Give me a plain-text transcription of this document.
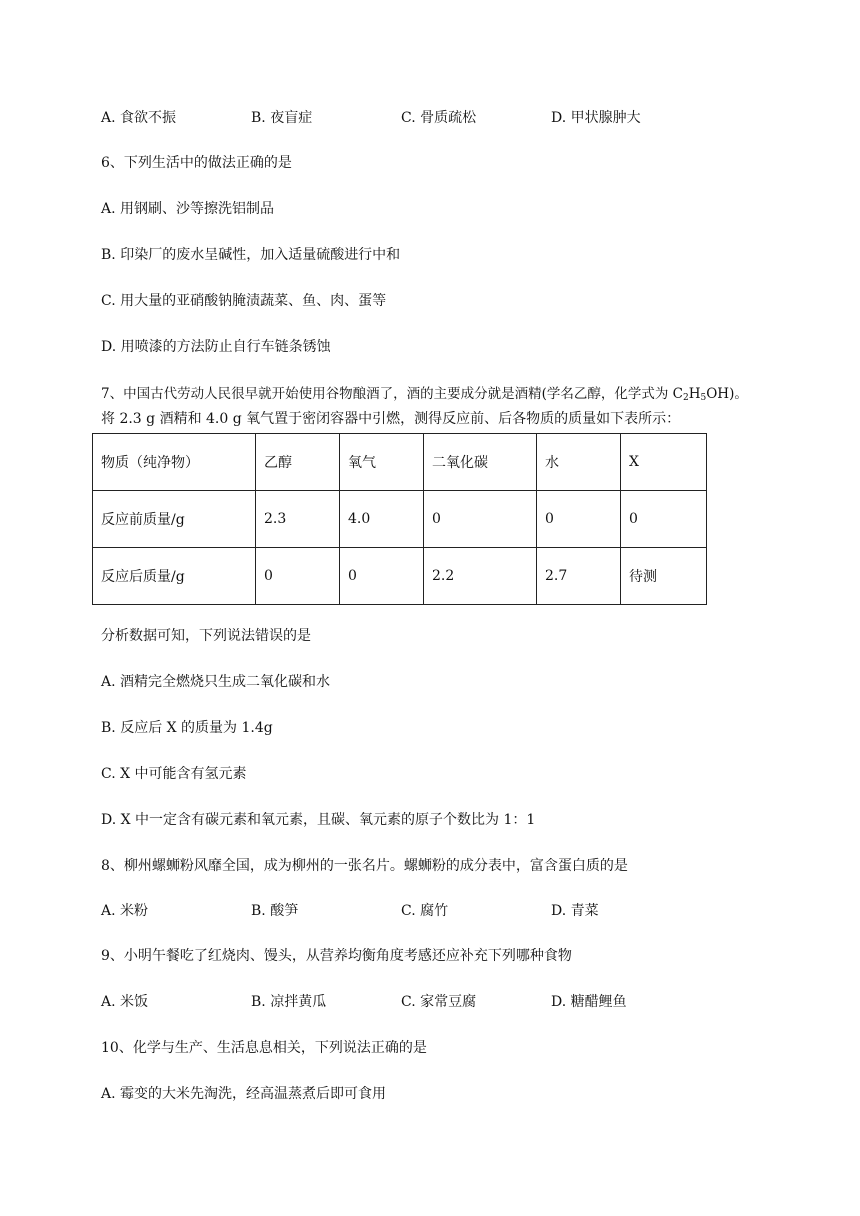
A. 食欲不振	B. 夜盲症	C. 骨质疏松	D. 甲状腺肿大
6、下列生活中的做法正确的是
A. 用钢刷、沙等擦洗铝制品
B. 印染厂的废水呈碱性，加入适量硫酸进行中和
C. 用大量的亚硝酸钠腌渍蔬菜、鱼、肉、蛋等
D. 用喷漆的方法防止自行车链条锈蚀
7、中国古代劳动人民很早就开始使用谷物酿酒了，酒的主要成分就是酒精(学名乙醇，化学式为 $C_2H_5OH$)。
将 2.3 g 酒精和 4.0 g 氧气置于密闭容器中引燃，测得反应前、后各物质的质量如下表所示：
物质（纯净物）	乙醇	氧气	二氧化碳	水	X
反应前质量/g	2.3	4.0	0	0	0
反应后质量/g	0	0	2.2	2.7	待测
分析数据可知，下列说法错误的是
A. 酒精完全燃烧只生成二氧化碳和水
B. 反应后 X 的质量为 1.4g
C. X 中可能含有氢元素
D. X 中一定含有碳元素和氧元素，且碳、氧元素的原子个数比为 1：1
8、柳州螺蛳粉风靡全国，成为柳州的一张名片。螺蛳粉的成分表中，富含蛋白质的是
A. 米粉	B. 酸笋	C. 腐竹	D. 青菜
9、小明午餐吃了红烧肉、馒头，从营养均衡角度考感还应补充下列哪种食物
A. 米饭	B. 凉拌黄瓜	C. 家常豆腐	D. 糖醋鲤鱼
10、化学与生产、生活息息相关，下列说法正确的是
A. 霉变的大米先淘洗，经高温蒸煮后即可食用
